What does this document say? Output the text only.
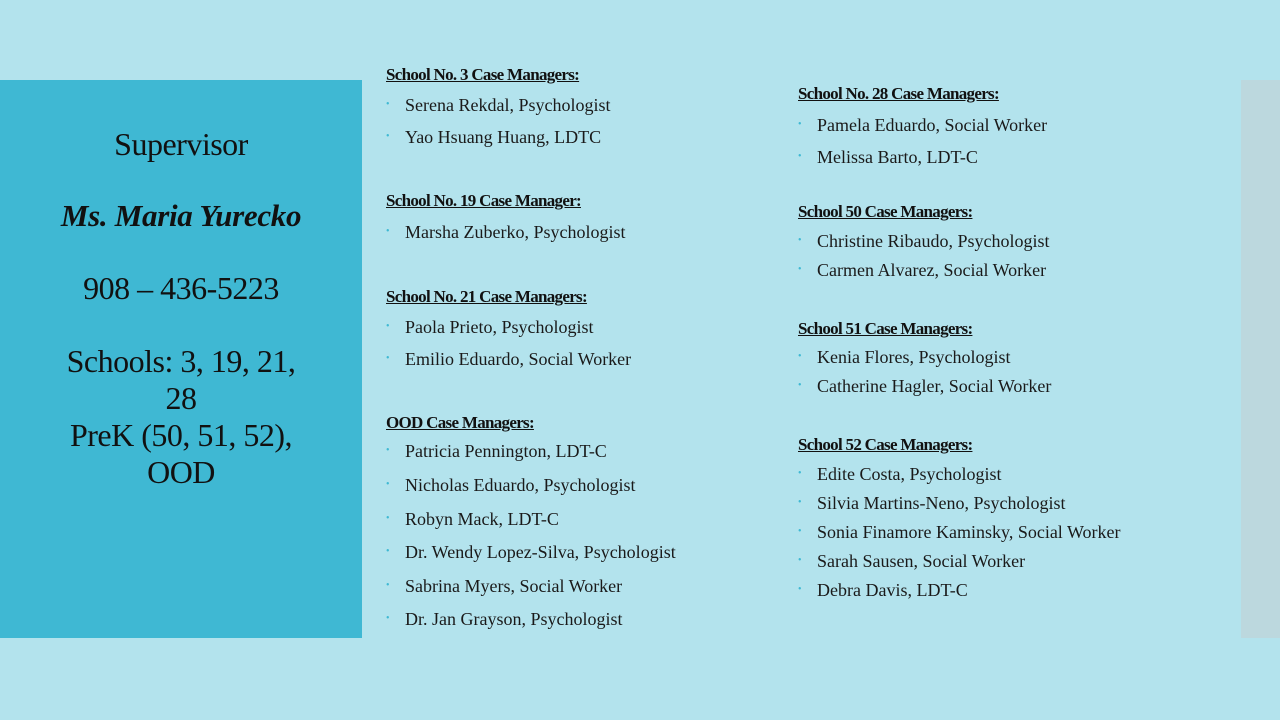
Supervisor
Ms. Maria Yurecko
908 – 436-5223
Schools: 3, 19, 21,
28
PreK (50, 51, 52),
OOD
School No. 3 Case Managers:
• Serena Rekdal, Psychologist
• Yao Hsuang Huang, LDTC
School No. 19 Case Manager:
• Marsha Zuberko, Psychologist
School No. 21 Case Managers:
• Paola Prieto, Psychologist
• Emilio Eduardo, Social Worker
OOD Case Managers:
• Patricia Pennington, LDT-C
• Nicholas Eduardo, Psychologist
• Robyn Mack, LDT-C
• Dr. Wendy Lopez-Silva, Psychologist
• Sabrina Myers, Social Worker
• Dr. Jan Grayson, Psychologist
School No. 28 Case Managers:
• Pamela Eduardo, Social Worker
• Melissa Barto, LDT-C
School 50 Case Managers:
• Christine Ribaudo, Psychologist
• Carmen Alvarez, Social Worker
School 51 Case Managers:
• Kenia Flores, Psychologist
• Catherine Hagler, Social Worker
School 52 Case Managers:
• Edite Costa, Psychologist
• Silvia Martins-Neno, Psychologist
• Sonia Finamore Kaminsky, Social Worker
• Sarah Sausen, Social Worker
• Debra Davis, LDT-C
